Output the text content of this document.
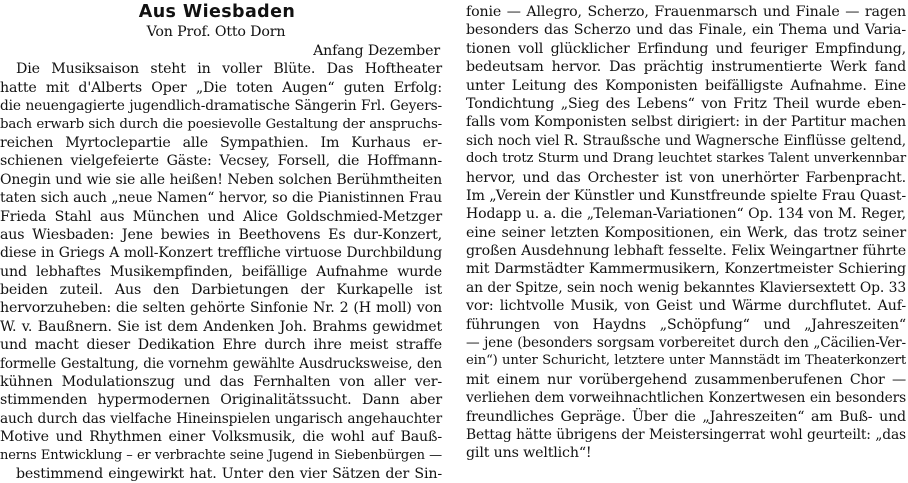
Aus Wiesbaden
Von Prof. Otto Dorn
Anfang Dezember
Die Musiksaison steht in voller Blüte. Das Hoftheater
hatte mit d'Alberts Oper „Die toten Augen“ guten Erfolg:
die neuengagierte jugendlich-dramatische Sängerin Frl. Geyers-
bach erwarb sich durch die poesievolle Gestaltung der anspruchs-
reichen Myrtoclepartie alle Sympathien. Im Kurhaus er-
schienen vielgefeierte Gäste: Vecsey, Forsell, die Hoffmann-
Onegin und wie sie alle heißen! Neben solchen Berühmtheiten
taten sich auch „neue Namen“ hervor, so die Pianistinnen Frau
Frieda Stahl aus München und Alice Goldschmied-Metzger
aus Wiesbaden: Jene bewies in Beethovens Es dur-Konzert,
diese in Griegs A moll-Konzert treffliche virtuose Durchbildung
und lebhaftes Musikempfinden, beifällige Aufnahme wurde
beiden zuteil. Aus den Darbietungen der Kurkapelle ist
hervorzuheben: die selten gehörte Sinfonie Nr. 2 (H moll) von
W. v. Baußnern. Sie ist dem Andenken Joh. Brahms gewidmet
und macht dieser Dedikation Ehre durch ihre meist straffe
formelle Gestaltung, die vornehm gewählte Ausdrucksweise, den
kühnen Modulationszug und das Fernhalten von aller ver-
stimmenden hypermodernen Originalitätssucht. Dann aber
auch durch das vielfache Hineinspielen ungarisch angehauchter
Motive und Rhythmen einer Volksmusik, die wohl auf Bauß-
nerns Entwicklung – er verbrachte seine Jugend in Siebenbürgen —
bestimmend eingewirkt hat. Unter den vier Sätzen der Sin-
fonie — Allegro, Scherzo, Frauenmarsch und Finale — ragen
besonders das Scherzo und das Finale, ein Thema und Varia-
tionen voll glücklicher Erfindung und feuriger Empfindung,
bedeutsam hervor. Das prächtig instrumentierte Werk fand
unter Leitung des Komponisten beifälligste Aufnahme. Eine
Tondichtung „Sieg des Lebens“ von Fritz Theil wurde eben-
falls vom Komponisten selbst dirigiert: in der Partitur machen
sich noch viel R. Straußsche und Wagnersche Einflüsse geltend,
doch trotz Sturm und Drang leuchtet starkes Talent unverkennbar
hervor, und das Orchester ist von unerhörter Farbenpracht.
Im „Verein der Künstler und Kunstfreunde spielte Frau Quast-
Hodapp u. a. die „Teleman-Variationen“ Op. 134 von M. Reger,
eine seiner letzten Kompositionen, ein Werk, das trotz seiner
großen Ausdehnung lebhaft fesselte. Felix Weingartner führte
mit Darmstädter Kammermusikern, Konzertmeister Schiering
an der Spitze, sein noch wenig bekanntes Klaviersextett Op. 33
vor: lichtvolle Musik, von Geist und Wärme durchflutet. Auf-
führungen von Haydns „Schöpfung“ und „Jahreszeiten“
— jene (besonders sorgsam vorbereitet durch den „Cäcilien-Ver-
ein“) unter Schuricht, letztere unter Mannstädt im Theaterkonzert
mit einem nur vorübergehend zusammenberufenen Chor —
verliehen dem vorweihnachtlichen Konzertwesen ein besonders
freundliches Gepräge. Über die „Jahreszeiten“ am Buß- und
Bettag hätte übrigens der Meistersingerrat wohl geurteilt: „das
gilt uns weltlich“!
